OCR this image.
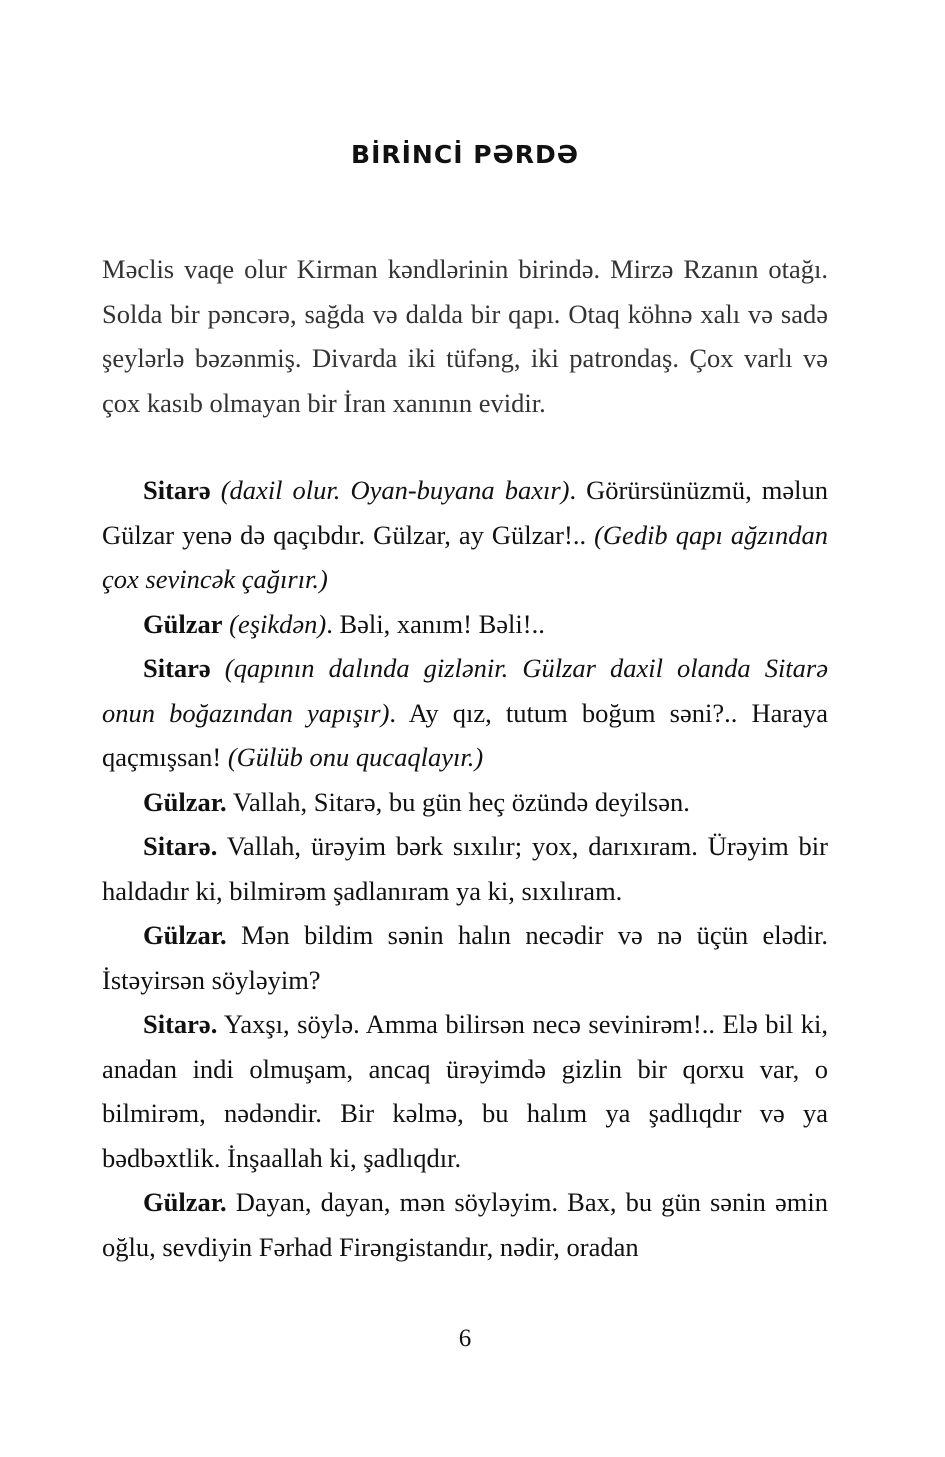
BİRİNCİ PƏRDƏ

Məclis vaqe olur Kirman kəndlərinin birində. Mirzə Rzanın otağı. Solda bir pəncərə, sağda və dalda bir qapı. Otaq köhnə xalı və sadə şeylərlə bəzənmiş. Divarda iki tüfəng, iki patrondaş. Çox varlı və çox kasıb olmayan bir İran xanının evidir.

Sitarə (daxil olur. Oyan-buyana baxır). Görürsünüzmü, məlun Gülzar yenə də qaçıbdır. Gülzar, ay Gülzar!.. (Gedib qapı ağzından çox sevincək çağırır.)

Gülzar (eşikdən). Bəli, xanım! Bəli!..

Sitarə (qapının dalında gizlənir. Gülzar daxil olanda Sitarə onun boğazından yapışır). Ay qız, tutum boğum səni?.. Haraya qaçmışsan! (Gülüb onu qucaqlayır.)

Gülzar. Vallah, Sitarə, bu gün heç özündə deyilsən.

Sitarə. Vallah, ürəyim bərk sıxılır; yox, darıxıram. Ürəyim bir haldadır ki, bilmirəm şadlanıram ya ki, sıxılıram.

Gülzar. Mən bildim sənin halın necədir və nə üçün elədir. İstəyirsən söyləyim?

Sitarə. Yaxşı, söylə. Amma bilirsən necə sevinirəm!.. Elə bil ki, anadan indi olmuşam, ancaq ürəyimdə gizlin bir qorxu var, o bilmirəm, nədəndir. Bir kəlmə, bu halım ya şadlıqdır və ya bədbəxtlik. İnşaallah ki, şadlıqdır.

Gülzar. Dayan, dayan, mən söyləyim. Bax, bu gün sənin əmin oğlu, sevdiyin Fərhad Firəngistandır, nədir, oradan

6
